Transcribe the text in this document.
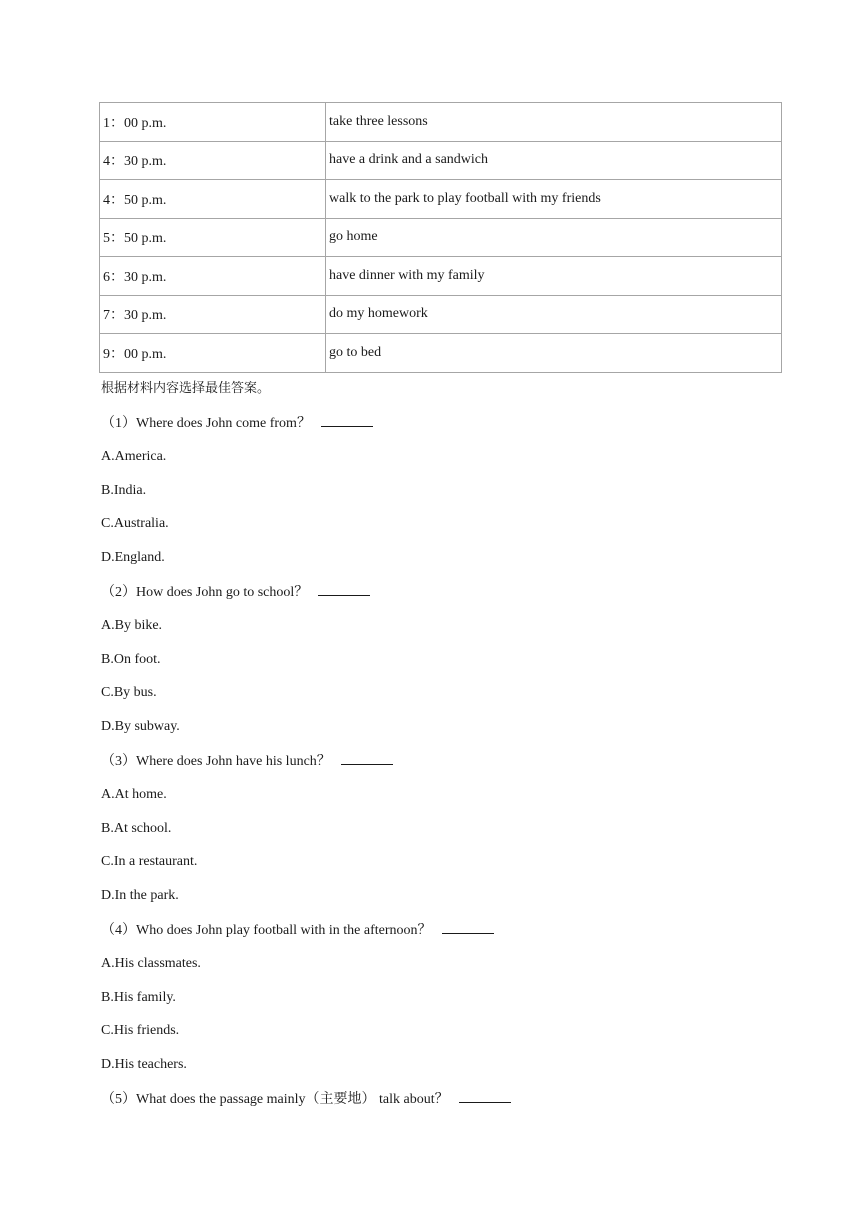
1：00 p.m.	take three lessons
4：30 p.m.	have a drink and a sandwich
4：50 p.m.	walk to the park to play football with my friends
5：50 p.m.	go home
6：30 p.m.	have dinner with my family
7：30 p.m.	do my homework
9：00 p.m.	go to bed
根据材料内容选择最佳答案。
（1）Where does John come from？
A.America.
B.India.
C.Australia.
D.England.
（2）How does John go to school？
A.By bike.
B.On foot.
C.By bus.
D.By subway.
（3）Where does John have his lunch？
A.At home.
B.At school.
C.In a restaurant.
D.In the park.
（4）Who does John play football with in the afternoon？
A.His classmates.
B.His family.
C.His friends.
D.His teachers.
（5）What does the passage mainly（主要地） talk about？
